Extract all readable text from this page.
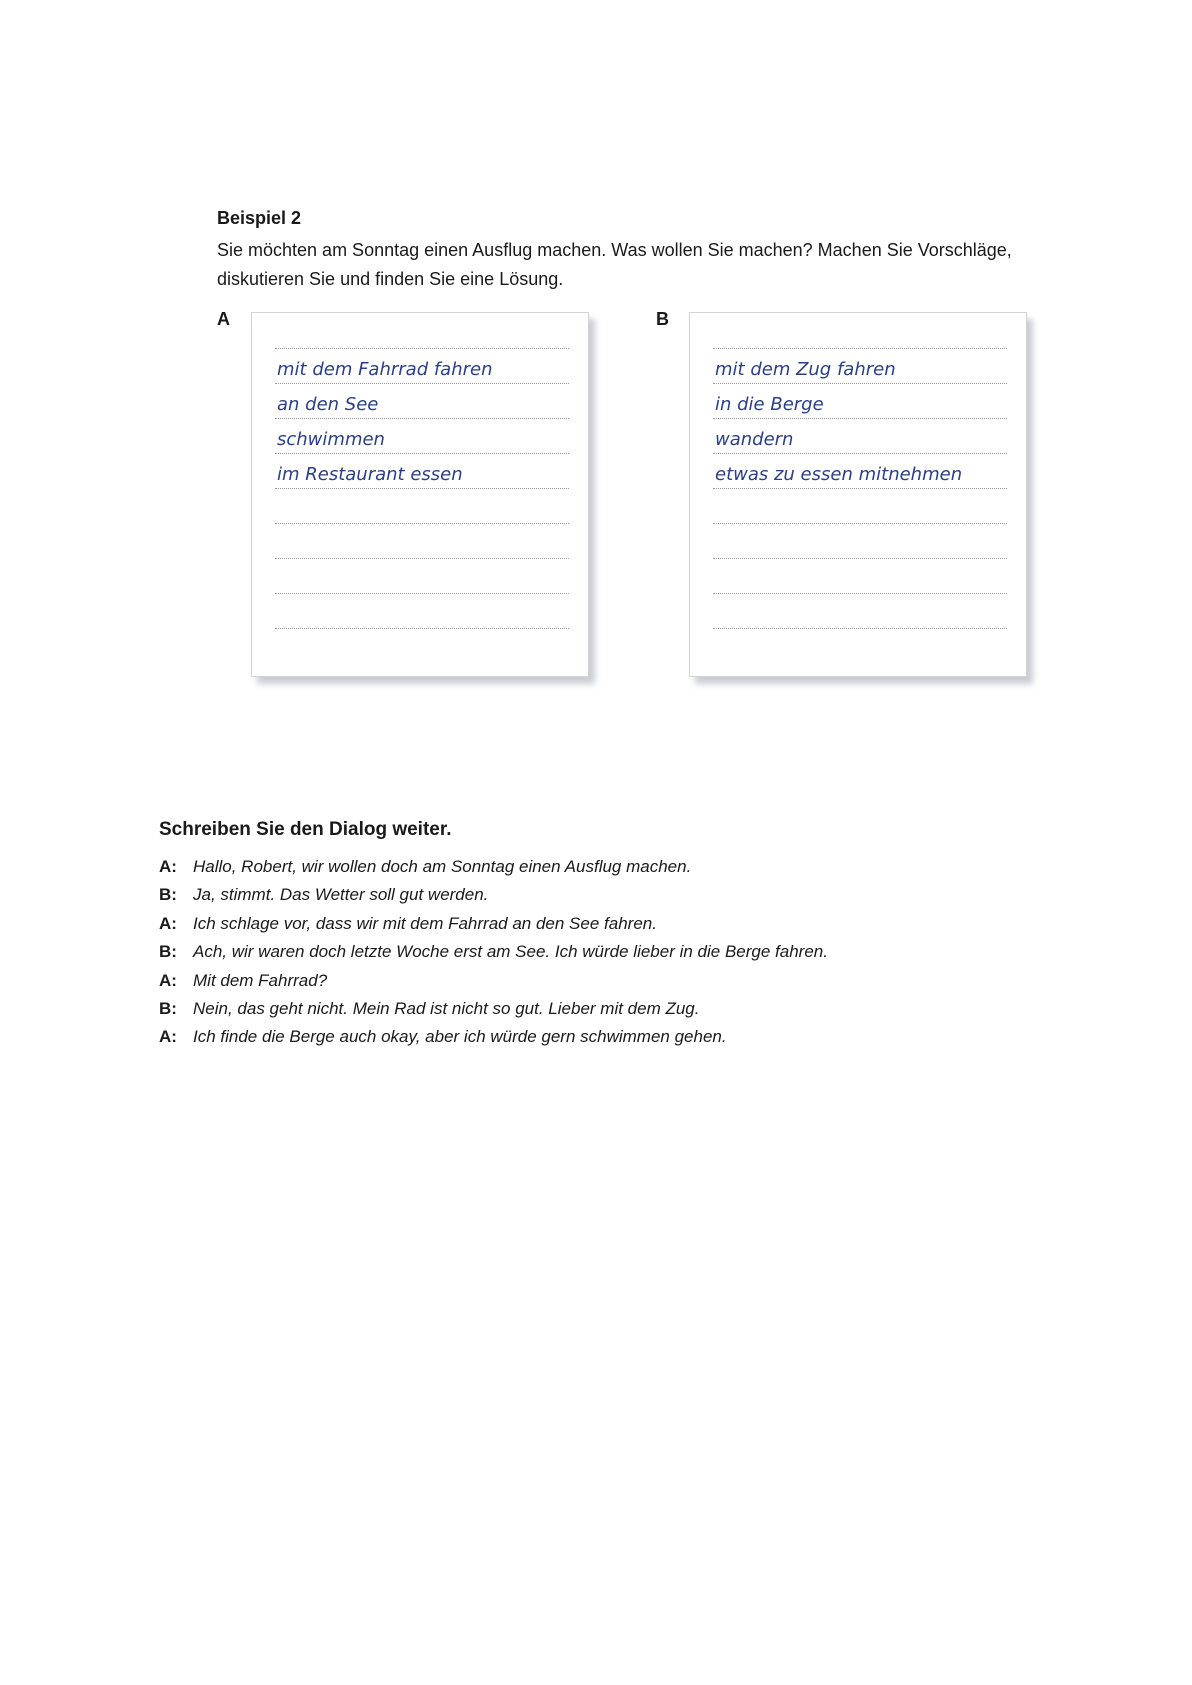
Beispiel 2
Sie möchten am Sonntag einen Ausflug machen. Was wollen Sie machen? Machen Sie Vorschläge, diskutieren Sie und finden Sie eine Lösung.
A
mit dem Fahrrad fahren
an den See
schwimmen
im Restaurant essen
B
mit dem Zug fahren
in die Berge
wandern
etwas zu essen mitnehmen
Schreiben Sie den Dialog weiter.
A: Hallo, Robert, wir wollen doch am Sonntag einen Ausflug machen.
B: Ja, stimmt. Das Wetter soll gut werden.
A: Ich schlage vor, dass wir mit dem Fahrrad an den See fahren.
B: Ach, wir waren doch letzte Woche erst am See. Ich würde lieber in die Berge fahren.
A: Mit dem Fahrrad?
B: Nein, das geht nicht. Mein Rad ist nicht so gut. Lieber mit dem Zug.
A: Ich finde die Berge auch okay, aber ich würde gern schwimmen gehen.
